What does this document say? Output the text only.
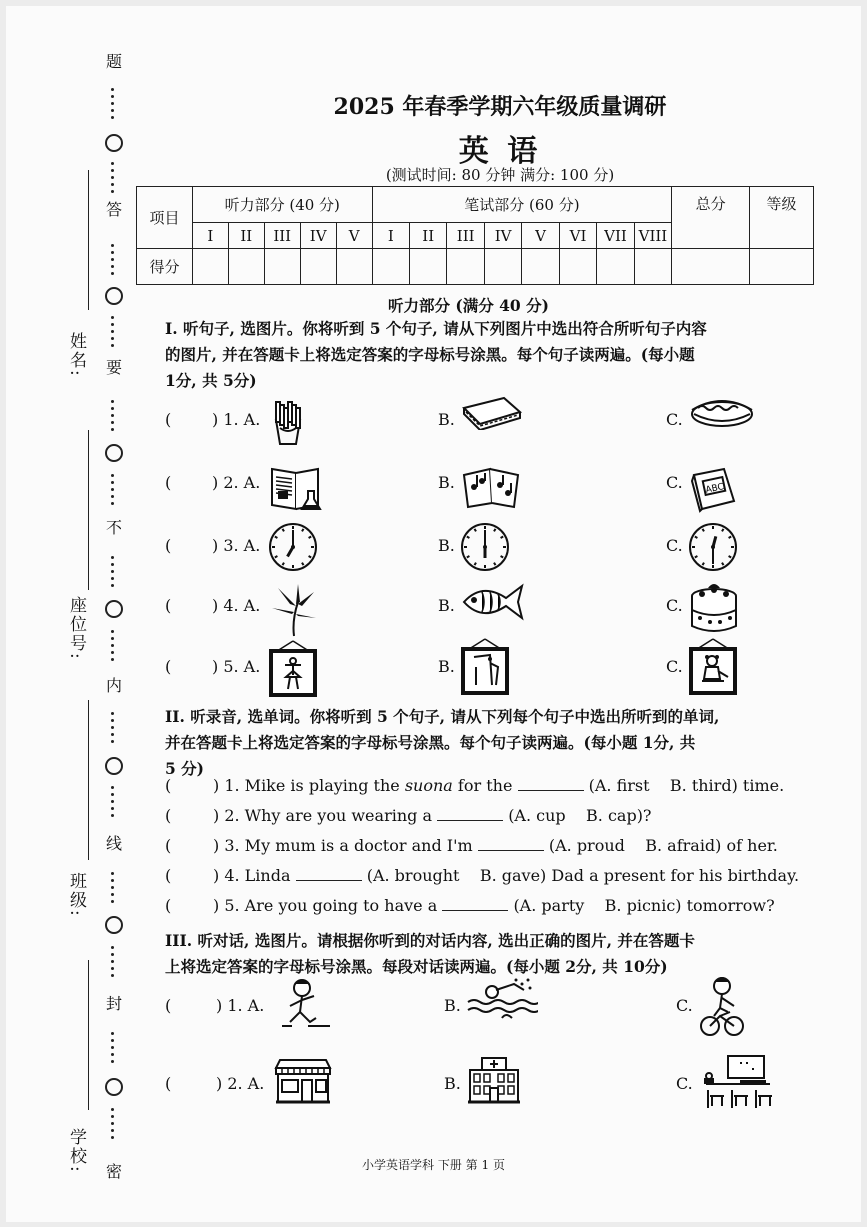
姓名:
座位号:
班级:
学校:
题
答
要
不
内
线
封
密
2025 年春季学期六年级质量调研
英 语
(测试时间: 80 分钟 满分: 100 分)
项目	听力部分 (40 分)					笔试部分 (60 分)								总分	等级
	I	II	III	IV	V	I	II	III	IV	V	VI	VII	VIII		
得分															
听力部分 (满分 40 分)
I. 听句子, 选图片。你将听到 5 个句子, 请从下列图片中选出符合所听句子内容
的图片, 并在答题卡上将选定答案的字母标号涂黑。每个句子读两遍。(每小题
1分, 共 5分)
(	) 1. A.	B.	C.
(	) 2. A.	B.	C. ABC
(	) 3. A.	B.	C.
(	) 4. A.	B.	C.
(	) 5. A.	B.	C.
II. 听录音, 选单词。你将听到 5 个句子, 请从下列每个句子中选出所听到的单词,
并在答题卡上将选定答案的字母标号涂黑。每个句子读两遍。(每小题 1分, 共
5 分)
(	) 1. Mike is playing the suona for the	(A. first B. third) time.
(	) 2. Why are you wearing a	(A. cup B. cap)?
(	) 3. My mum is a doctor and I'm	(A. proud B. afraid) of her.
(	) 4. Linda	(A. brought B. gave) Dad a present for his birthday.
(	) 5. Are you going to have a	(A. party B. picnic) tomorrow?
III. 听对话, 选图片。请根据你听到的对话内容, 选出正确的图片, 并在答题卡
上将选定答案的字母标号涂黑。每段对话读两遍。(每小题 2分, 共 10分)
(	) 1. A.	B.	C.
(	) 2. A.	B.	C.
小学英语学科 下册 第 1 页
